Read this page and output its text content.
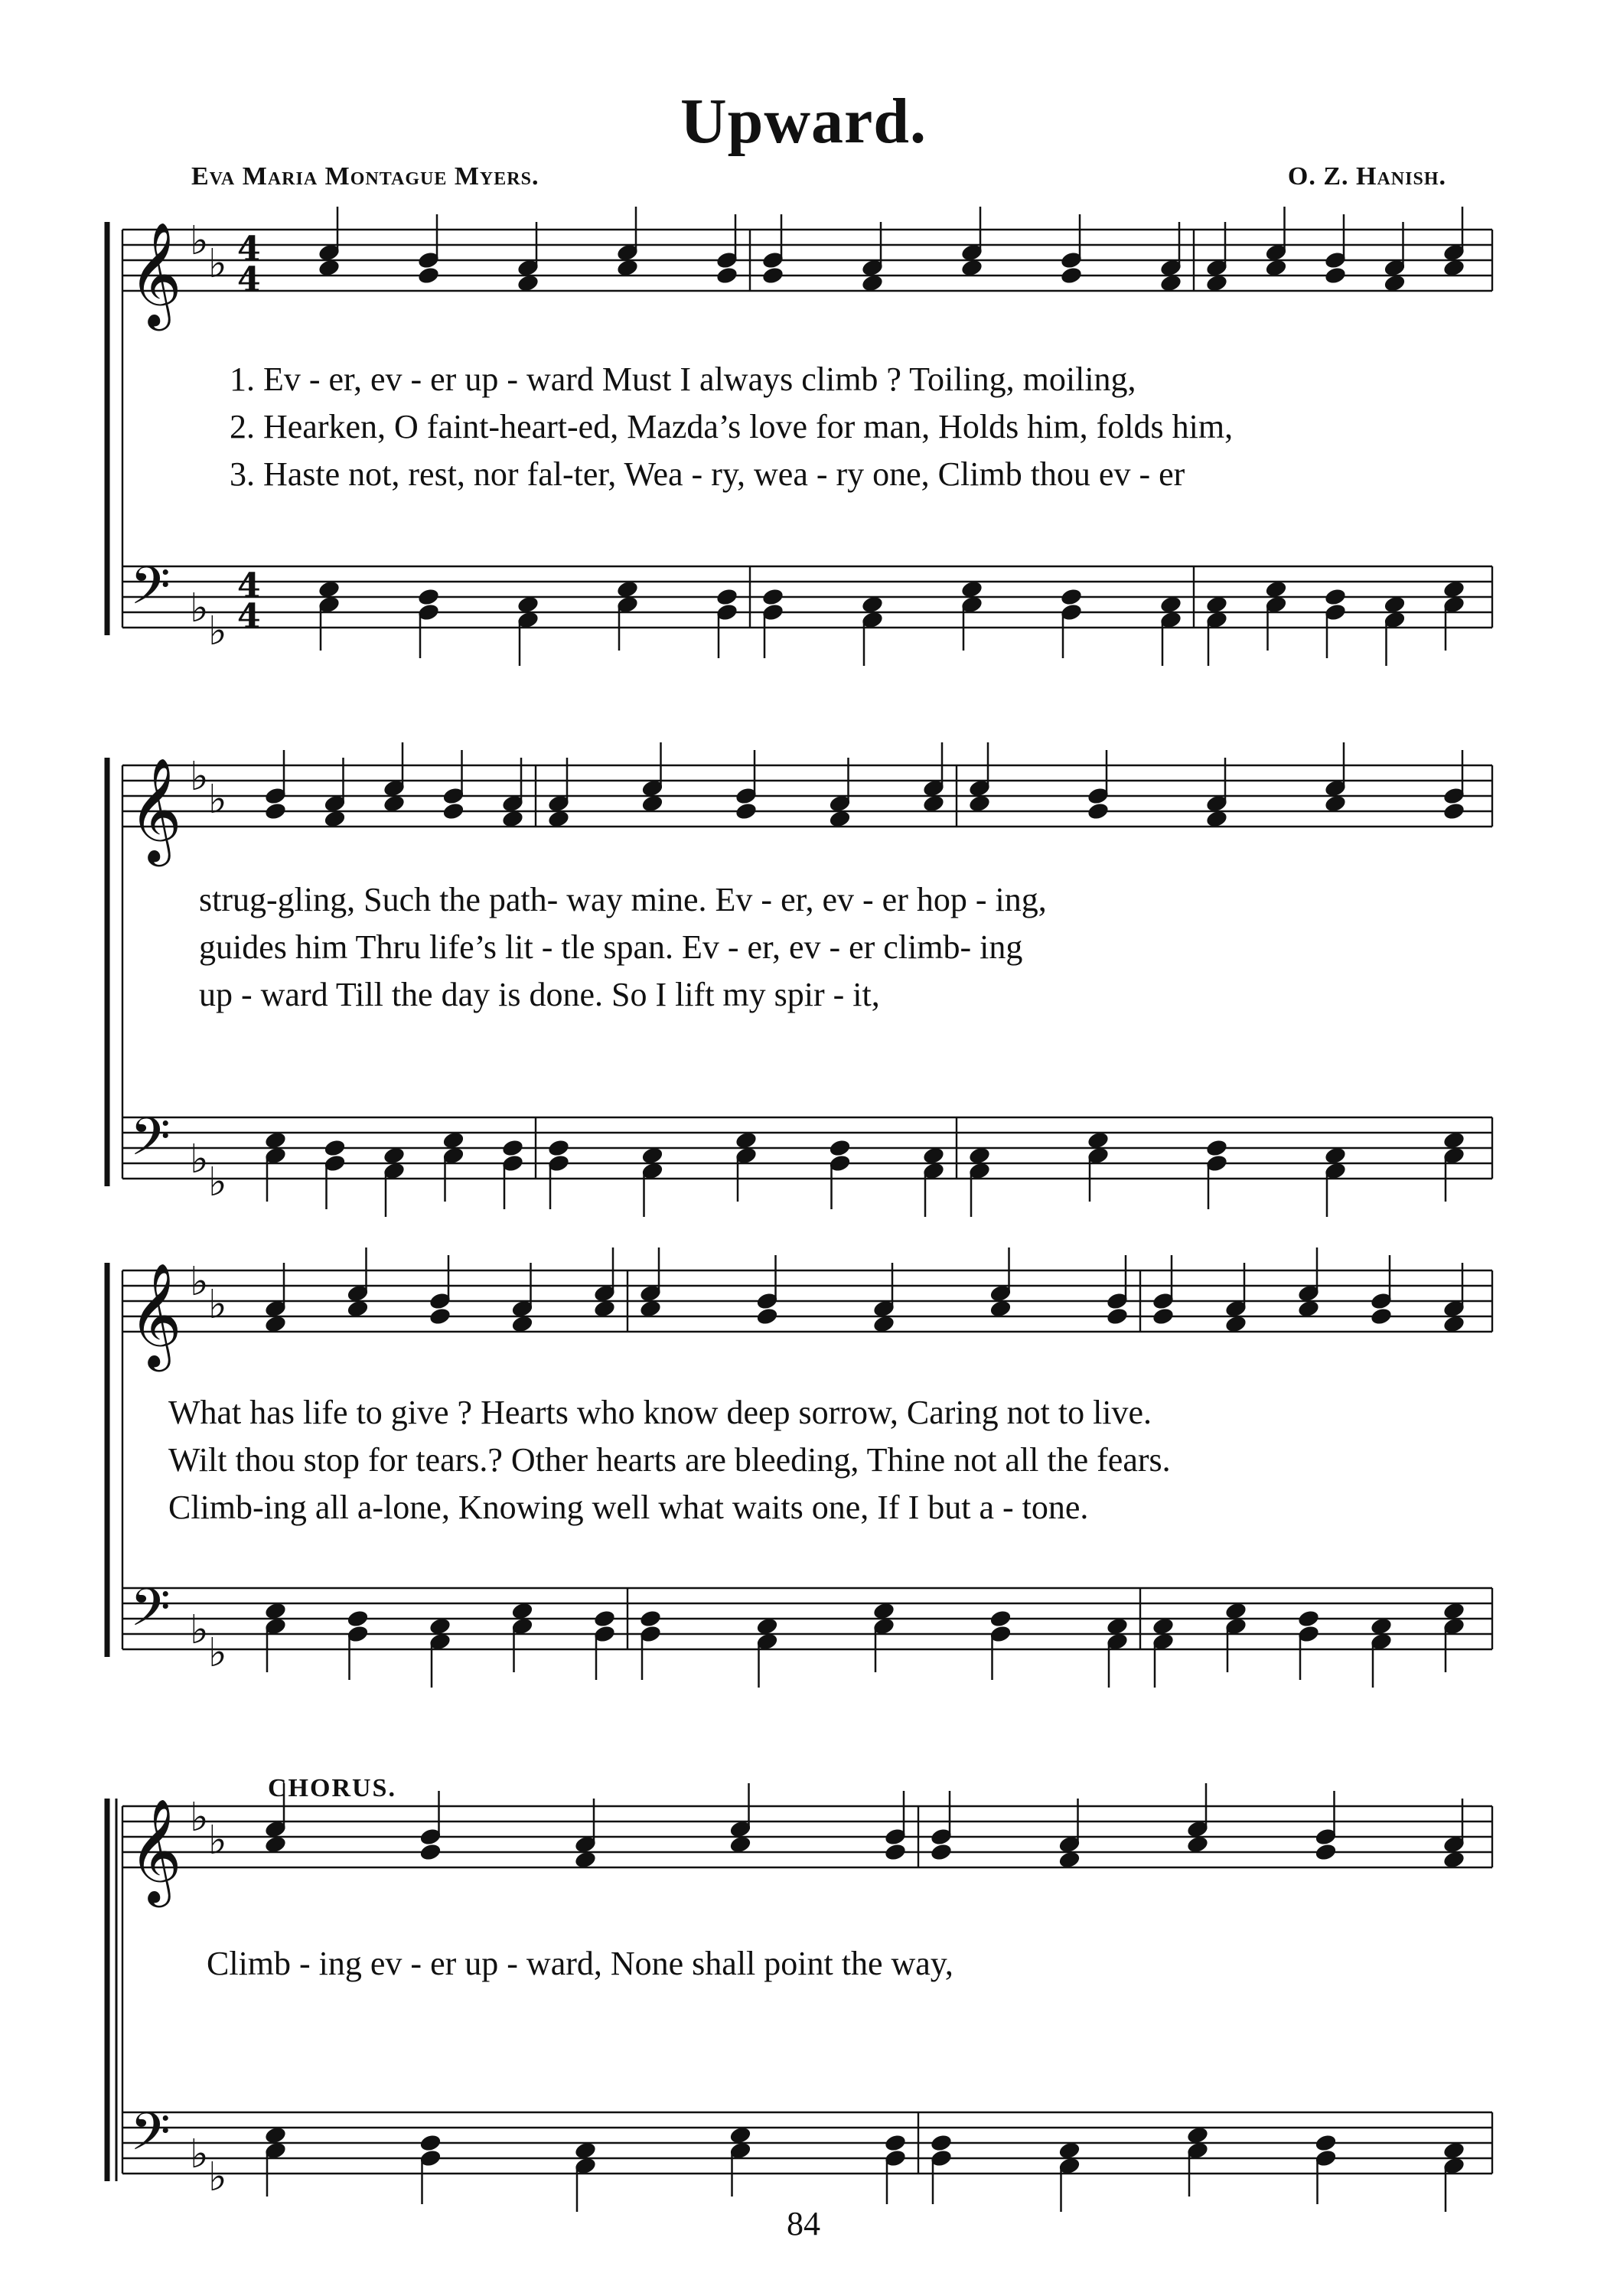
Upward.
Eva Maria Montague Myers.	O. Z. Hanish.
𝄞 ♭ ♭
𝄢 ♭ ♭
4
4
4
4
𝄞 ♭ ♭
𝄢 ♭ ♭
𝄞 ♭ ♭
𝄢 ♭ ♭
𝄞 ♭ ♭
𝄢 ♭ ♭
1. Ev - er, ev - er up - ward Must I always climb ? Toiling, moiling,
2. Hearken, O faint-heart-ed, Mazda’s love for man, Holds him, folds him,
3. Haste not, rest, nor fal-ter, Wea - ry, wea - ry one, Climb thou ev - er
strug-gling, Such the path- way mine. Ev - er, ev - er hop - ing,
guides him Thru life’s lit - tle span. Ev - er, ev - er climb- ing
up - ward Till the day is done. So I lift my spir - it,
What has life to give ? Hearts who know deep sorrow, Caring not to live.
Wilt thou stop for tears.? Other hearts are bleeding, Thine not all the fears.
Climb-ing all a-lone, Knowing well what waits one, If I but a - tone.
Climb - ing ev - er up - ward, None shall point the way,
CHORUS.
84
